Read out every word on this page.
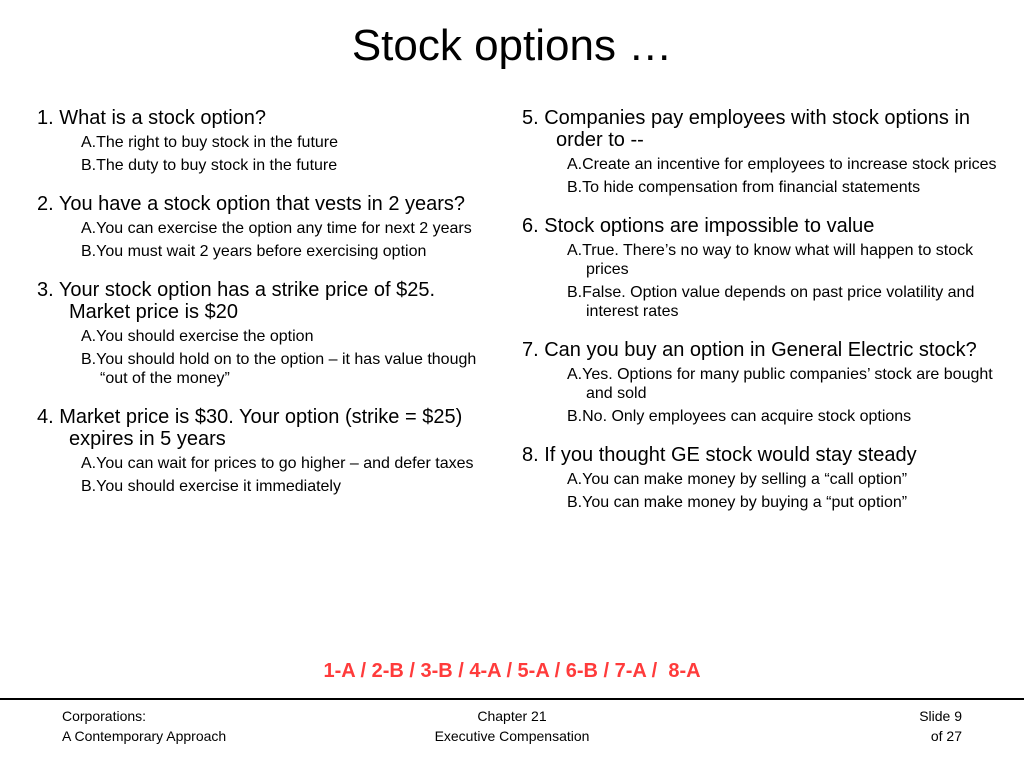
Stock options …
1. What is a stock option?
A.The right to buy stock in the future
B.The duty to buy stock in the future
2. You have a stock option that vests in 2 years?
A.You can exercise the option any time for next 2 years
B.You must wait 2 years before exercising option
3. Your stock option has a strike price of $25. Market price is $20
A.You should exercise the option
B.You should hold on to the option – it has value though “out of the money”
4. Market price is $30. Your option (strike = $25) expires in 5 years
A.You can wait for prices to go higher – and defer taxes
B.You should exercise it immediately
5. Companies pay employees with stock options in order to --
A.Create an incentive for employees to increase stock prices
B.To hide compensation from financial statements
6. Stock options are impossible to value
A.True. There’s no way to know what will happen to stock prices
B.False. Option value depends on past price volatility and interest rates
7. Can you buy an option in General Electric stock?
A.Yes. Options for many public companies’ stock are bought and sold
B.No. Only employees can acquire stock options
8. If you thought GE stock would stay steady
A.You can make money by selling a “call option”
B.You can make money by buying a “put option”
1-A / 2-B / 3-B / 4-A / 5-A / 6-B / 7-A /  8-A
Corporations:
A Contemporary Approach
Chapter 21
Executive Compensation
Slide 9
of 27
